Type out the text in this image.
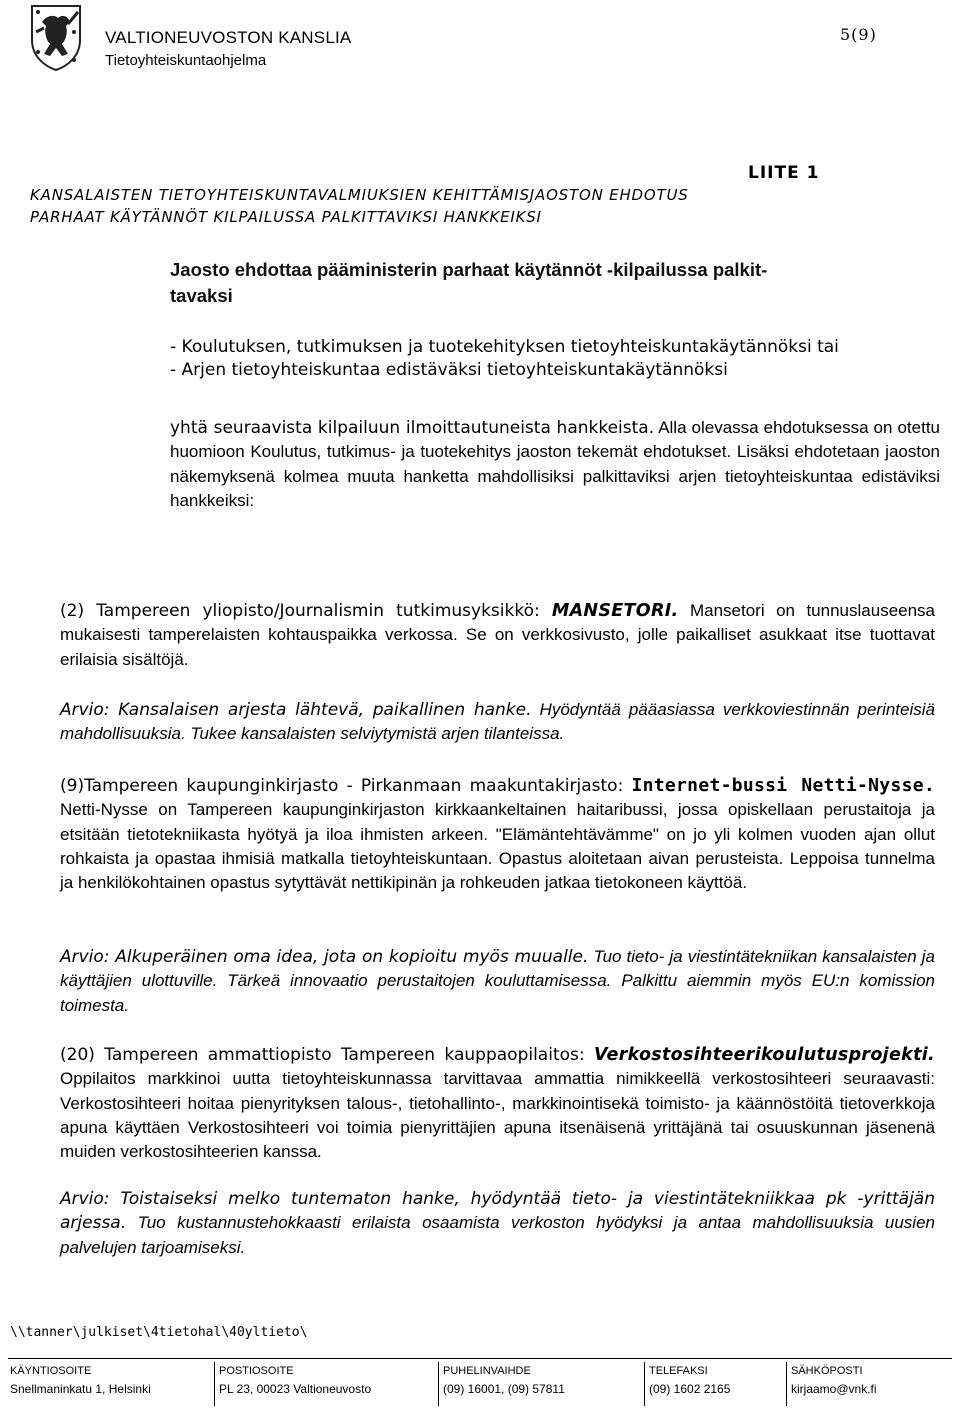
VALTIONEUVOSTON KANSLIA
Tietoyhteiskuntaohjelma
5(9)
LIITE 1
KANSALAISTEN TIETOYHTEISKUNTAVALMIUKSIEN KEHITTÄMISJAOSTON EHDOTUS
PARHAAT KÄYTÄNNÖT KILPAILUSSA PALKITTAVIKSI HANKKEIKSI
Jaosto ehdottaa pääministerin parhaat käytännöt -kilpailussa palkit-
tavaksi
- Koulutuksen, tutkimuksen ja tuotekehityksen tietoyhteiskuntakäytännöksi tai
- Arjen tietoyhteiskuntaa edistäväksi tietoyhteiskuntakäytännöksi
yhtä seuraavista kilpailuun ilmoittautuneista hankkeista. Alla olevassa ehdotuksessa on otettu huomioon Koulutus, tutkimus- ja tuotekehitys jaoston tekemät ehdotukset. Lisäksi ehdotetaan jaoston näkemyksenä kolmea muuta hanketta mahdollisiksi palkittaviksi arjen tietoyhteiskuntaa edistäviksi hankkeiksi:
(2) Tampereen yliopisto/Journalismin tutkimusyksikkö: MANSETORI. Mansetori on tunnuslauseensa mukaisesti tamperelaisten kohtauspaikka verkossa. Se on verkkosivusto, jolle paikalliset asukkaat itse tuottavat erilaisia sisältöjä.
Arvio: Kansalaisen arjesta lähtevä, paikallinen hanke. Hyödyntää pääasiassa verkkoviestinnän perinteisiä mahdollisuuksia. Tukee kansalaisten selviytymistä arjen tilanteissa.
(9)Tampereen kaupunginkirjasto - Pirkanmaan maakuntakirjasto: Internet-bussi Netti-Nysse. Netti-Nysse on Tampereen kaupunginkirjaston kirkkaankeltainen haitaribussi, jossa opiskellaan perustaitoja ja etsitään tietotekniikasta hyötyä ja iloa ihmisten arkeen. "Elämäntehtävämme" on jo yli kolmen vuoden ajan ollut rohkaista ja opastaa ihmisiä matkalla tietoyhteiskuntaan. Opastus aloitetaan aivan perusteista. Leppoisa tunnelma ja henkilökohtainen opastus sytyttävät nettikipinän ja rohkeuden jatkaa tietokoneen käyttöä.
Arvio: Alkuperäinen oma idea, jota on kopioitu myös muualle. Tuo tieto- ja viestintätekniikan kansalaisten ja käyttäjien ulottuville. Tärkeä innovaatio perustaitojen kouluttamisessa. Palkittu aiemmin myös EU:n komission toimesta.
(20) Tampereen ammattiopisto Tampereen kauppaopilaitos: Verkostosihteerikoulutusprojekti. Oppilaitos markkinoi uutta tietoyhteiskunnassa tarvittavaa ammattia nimikkeellä verkostosihteeri seuraavasti: Verkostosihteeri hoitaa pienyrityksen talous-, tietohallinto-, markkinointisekä toimisto- ja käännöstöitä tietoverkkoja apuna käyttäen Verkostosihteeri voi toimia pienyrittäjien apuna itsenäisenä yrittäjänä tai osuuskunnan jäsenenä muiden verkostosihteerien kanssa.
Arvio: Toistaiseksi melko tuntematon hanke, hyödyntää tieto- ja viestintätekniikkaa pk -yrittäjän arjessa. Tuo kustannustehokkaasti erilaista osaamista verkoston hyödyksi ja antaa mahdollisuuksia uusien palvelujen tarjoamiseksi.
\\tanner\julkiset\4tietohal\40yltieto\
KÄYNTIOSOITE
Snellmaninkatu 1, Helsinki
POSTIOSOITE
PL 23, 00023 Valtioneuvosto
PUHELINVAIHDE
(09) 16001, (09) 57811
TELEFAKSI
(09) 1602 2165
SÄHKÖPOSTI
kirjaamo@vnk.fi
